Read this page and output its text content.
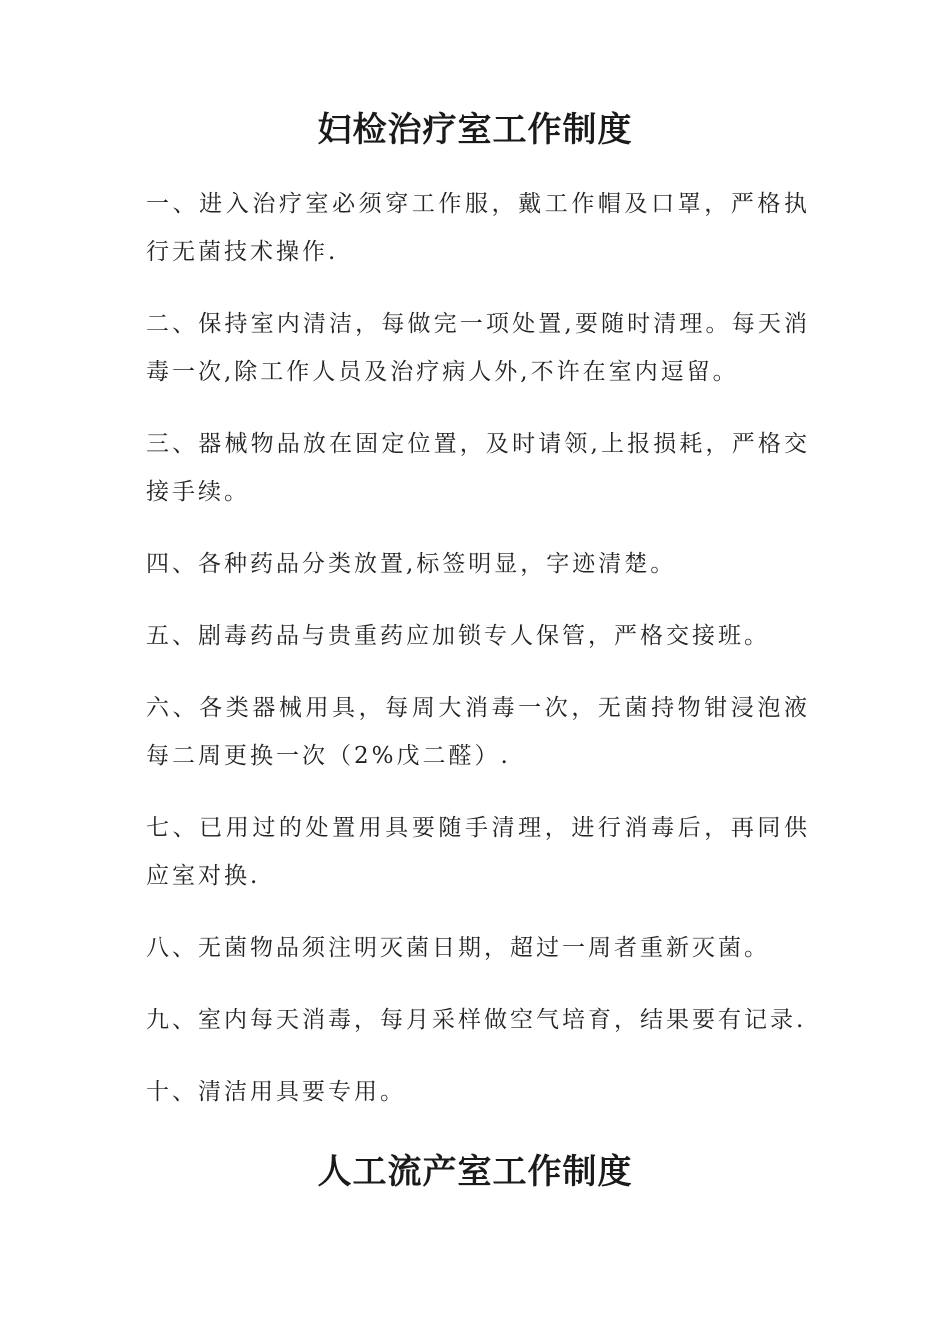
妇检治疗室工作制度
一、进入治疗室必须穿工作服，戴工作帽及口罩，严格执行无菌技术操作.
二、保持室内清洁，每做完一项处置,要随时清理。每天消毒一次,除工作人员及治疗病人外,不许在室内逗留。
三、器械物品放在固定位置，及时请领,上报损耗，严格交接手续。
四、各种药品分类放置,标签明显，字迹清楚。
五、剧毒药品与贵重药应加锁专人保管，严格交接班。
六、各类器械用具，每周大消毒一次，无菌持物钳浸泡液每二周更换一次（2%戊二醛）.
七、已用过的处置用具要随手清理，进行消毒后，再同供应室对换.
八、无菌物品须注明灭菌日期，超过一周者重新灭菌。
九、室内每天消毒，每月采样做空气培育，结果要有记录.
十、清洁用具要专用。
人工流产室工作制度
